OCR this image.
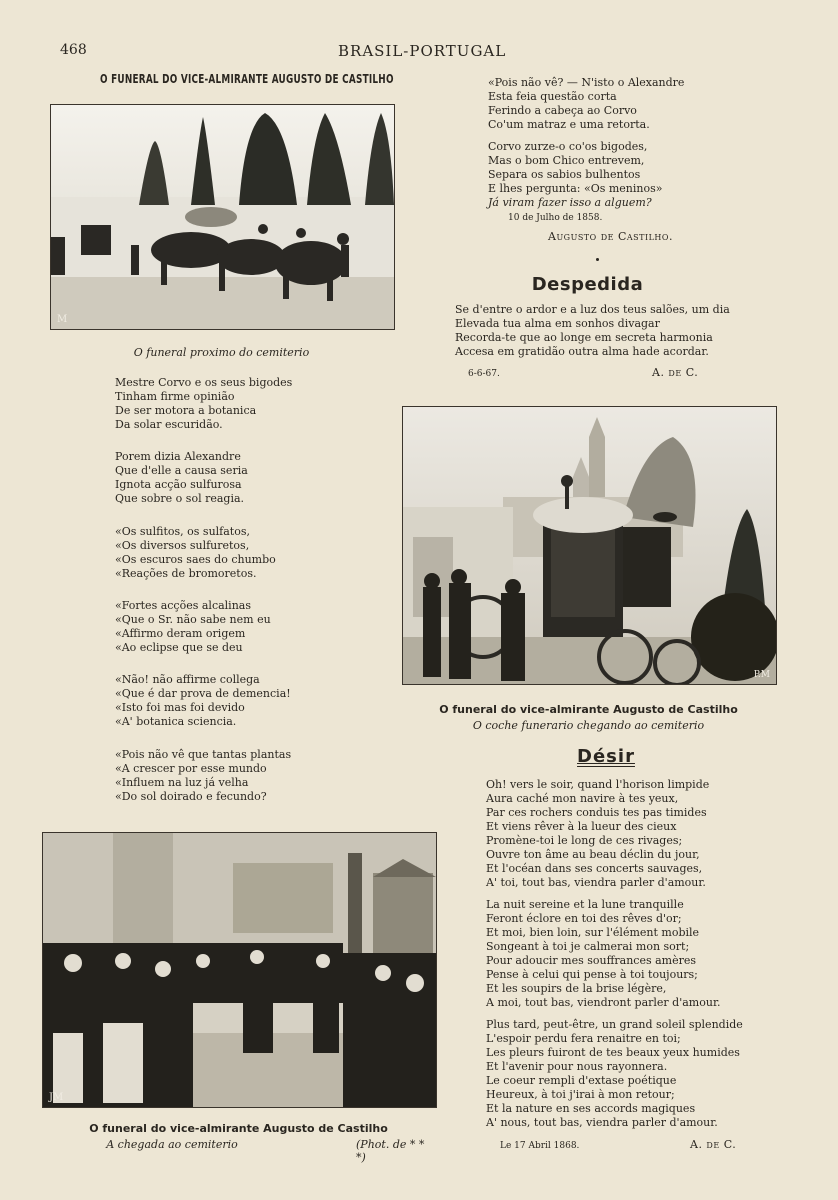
468	BRASIL-PORTUGAL
O FUNERAL DO VICE-ALMIRANTE AUGUSTO DE CASTILHO
M
O funeral proximo do cemiterio
Mestre Corvo e os seus bigodes
Tinham firme opinião
De ser motora a botanica
Da solar escuridão.
Porem dizia Alexandre
Que d'elle a causa seria
Ignota acção sulfurosa
Que sobre o sol reagia.
«Os sulfitos, os sulfatos,
«Os diversos sulfuretos,
«Os escuros saes do chumbo
«Reações de bromoretos.
«Fortes acções alcalinas
«Que o Sr. não sabe nem eu
«Affirmo deram origem
«Ao eclipse que se deu
«Não! não affirme collega
«Que é dar prova de demencia!
«Isto foi mas foi devido
«A' botanica sciencia.
«Pois não vê que tantas plantas
«A crescer por esse mundo
«Influem na luz já velha
«Do sol doirado e fecundo?
«Pois não vê? — N'isto o Alexandre
Esta feia questão corta
Ferindo a cabeça ao Corvo
Co'um matraz e uma retorta.
Corvo zurze-o co'os bigodes,
Mas o bom Chico entrevem,
Separa os sabios bulhentos
E lhes pergunta: «Os meninos»
Já viram fazer isso a alguem?
10 de Julho de 1858.
Augusto de Castilho.
Despedida
Se d'entre o ardor e a luz dos teus salões, um dia
Elevada tua alma em sonhos divagar
Recorda-te que ao longe em secreta harmonia
Accesa em gratidão outra alma hade acordar.
6-6-67.	A. de C.
P.M
O funeral do vice-almirante Augusto de Castilho
O coche funerario chegando ao cemiterio
Désir
Oh! vers le soir, quand l'horison limpide
Aura caché mon navire à tes yeux,
Par ces rochers conduis tes pas timides
Et viens rêver à la lueur des cieux
Promène-toi le long de ces rivages;
Ouvre ton âme au beau déclin du jour,
Et l'océan dans ses concerts sauvages,
A' toi, tout bas, viendra parler d'amour.
La nuit sereine et la lune tranquille
Feront éclore en toi des rêves d'or;
Et moi, bien loin, sur l'élément mobile
Songeant à toi je calmerai mon sort;
Pour adoucir mes souffrances amères
Pense à celui qui pense à toi toujours;
Et les soupirs de la brise légère,
A moi, tout bas, viendront parler d'amour.
Plus tard, peut-être, un grand soleil splendide
L'espoir perdu fera renaitre en toi;
Les pleurs fuiront de tes beaux yeux humides
Et l'avenir pour nous rayonnera.
Le coeur rempli d'extase poétique
Heureux, à toi j'irai à mon retour;
Et la nature en ses accords magiques
A' nous, tout bas, viendra parler d'amour.
Le 17 Abril 1868.	A. de C.
JM
O funeral do vice-almirante Augusto de Castilho
A chegada ao cemiterio	(Phot. de * * *)
